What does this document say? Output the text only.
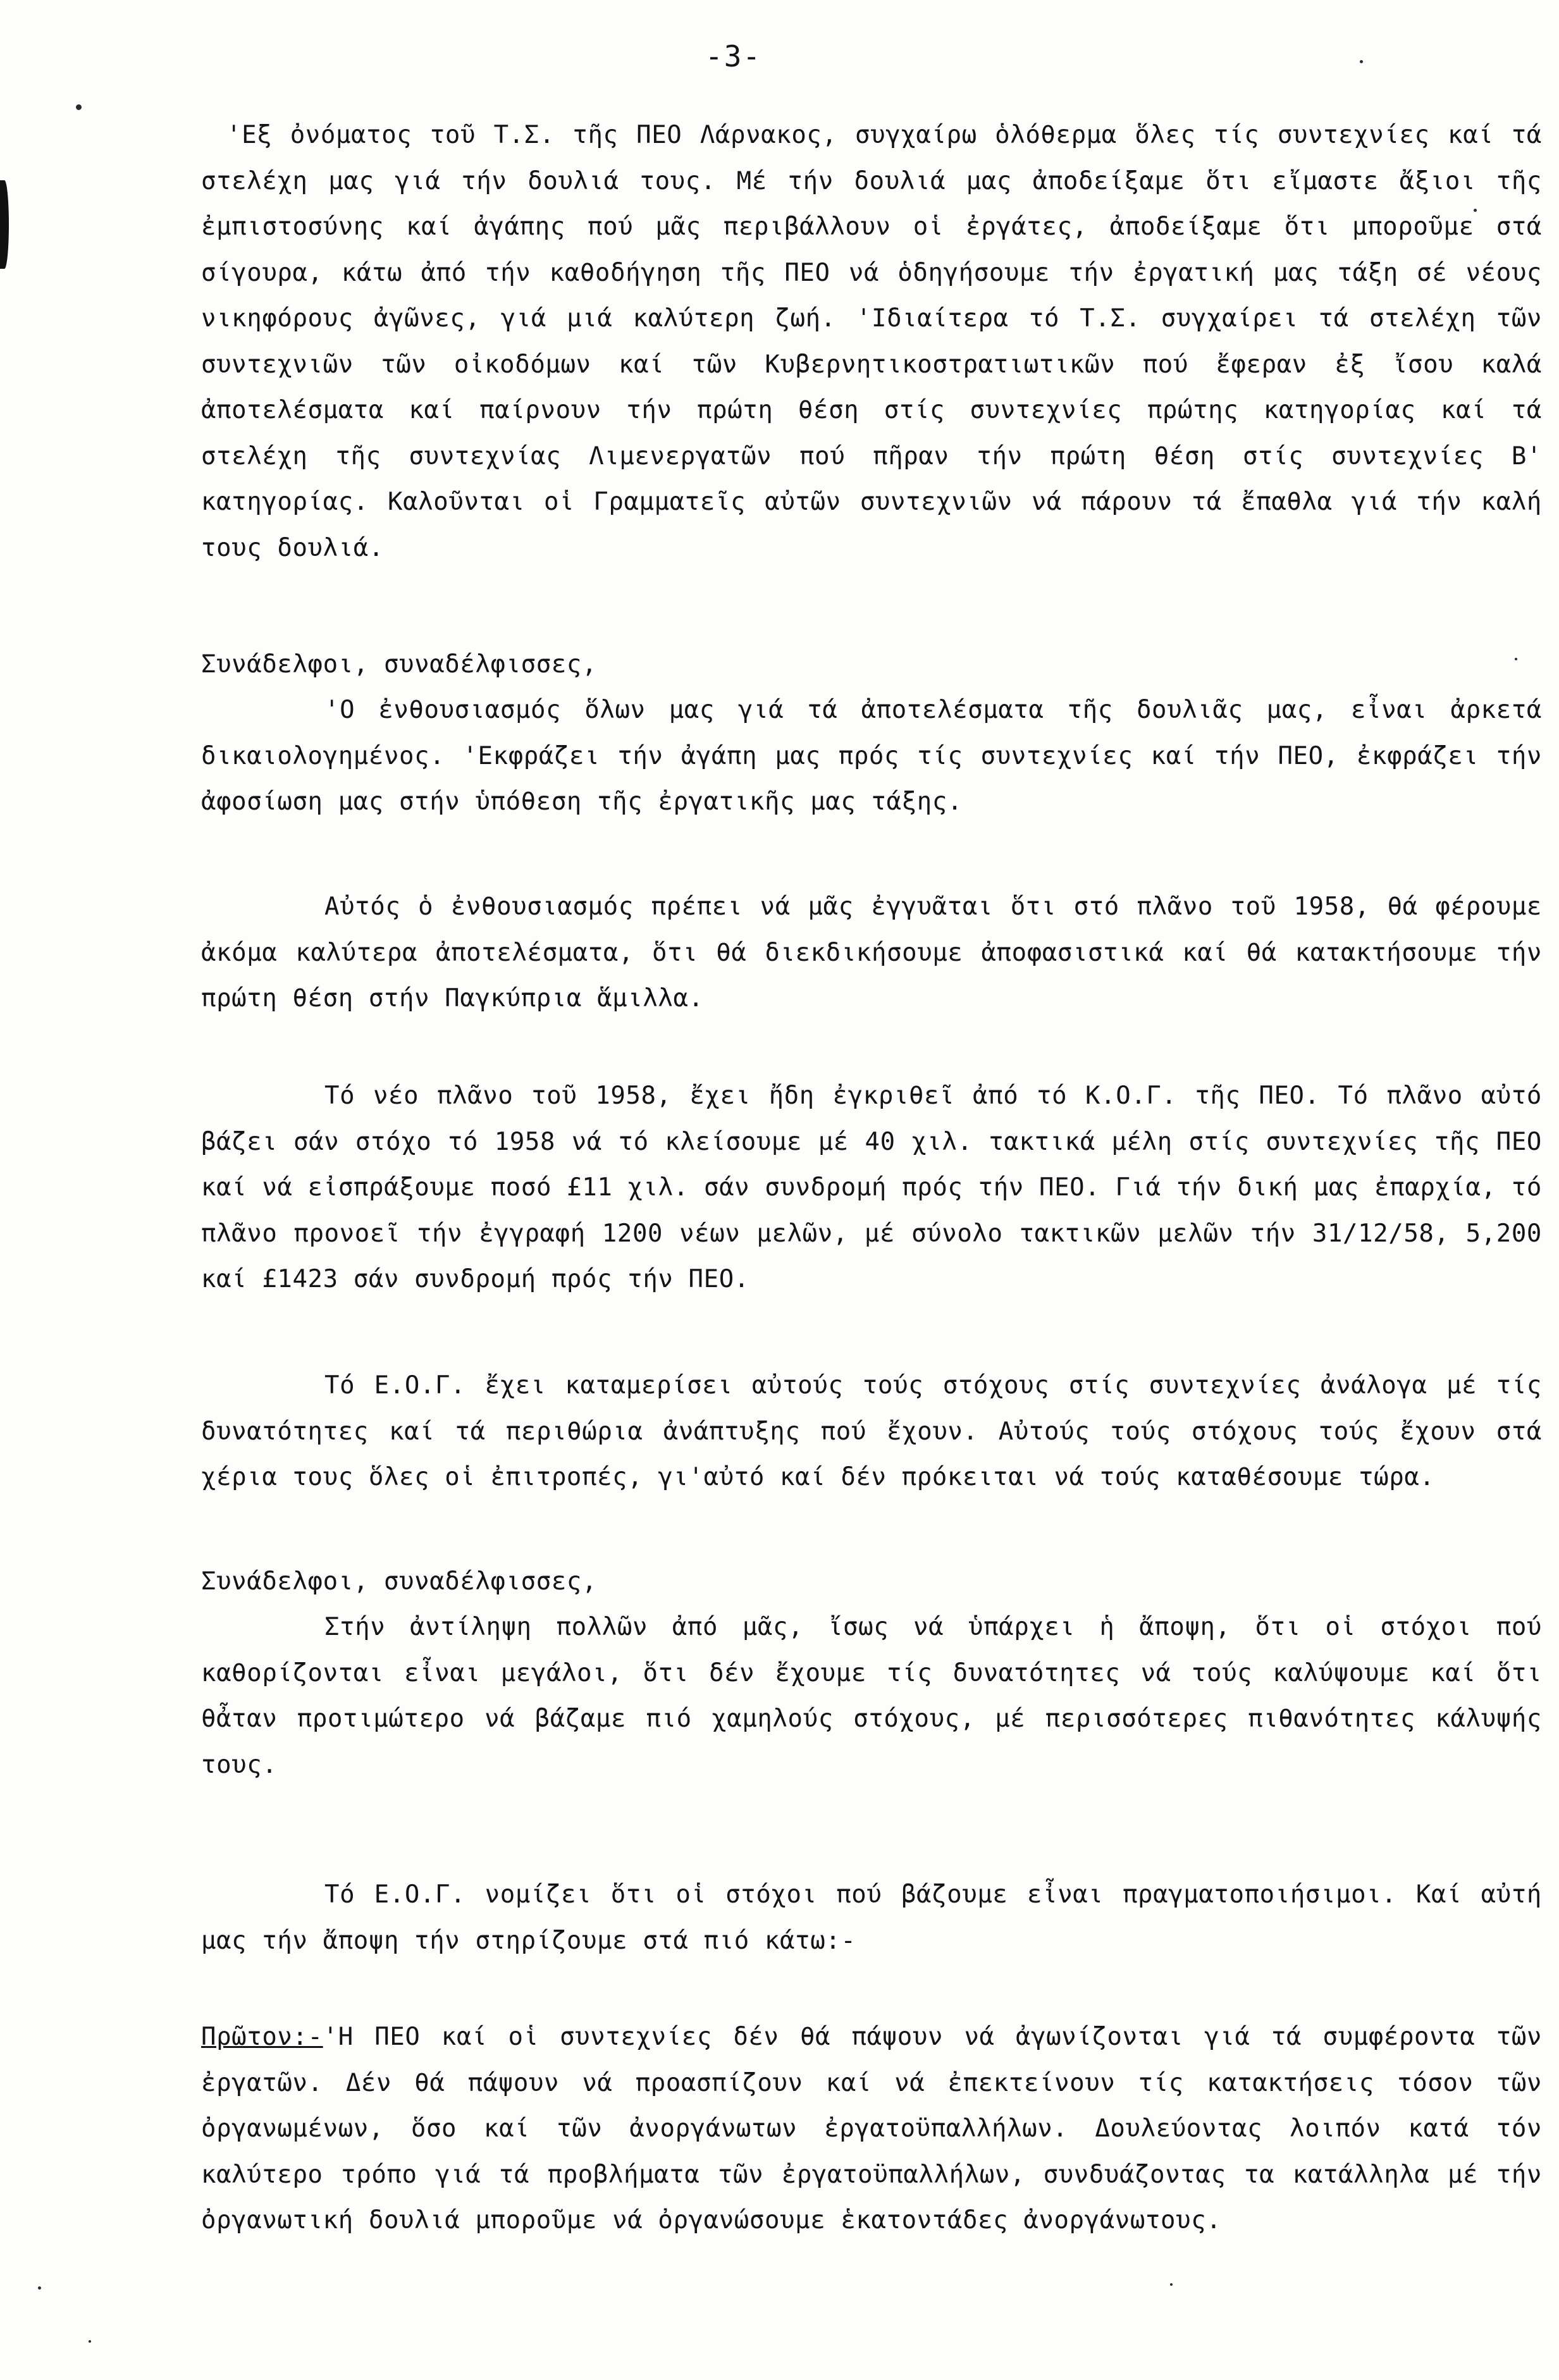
-3-

'Εξ ὀνόματος τοῦ Τ.Σ. τῆς ΠΕΟ Λάρνακος, συγχαίρω ὁλόθερμα ὅλες τίς συντεχνίες καί τά στελέχη μας γιά τήν δουλιά τους. Μέ τήν δουλιά μας ἀποδείξαμε ὅτι εἴμαστε ἄξιοι τῆς ἐμπιστοσύνης καί ἀγάπης πού μᾶς περιβάλλουν οἱ ἐργάτες, ἀποδείξαμε ὅτι μποροῦμε στά σίγουρα, κάτω ἀπό τήν καθοδήγηση τῆς ΠΕΟ νά ὁδηγήσουμε τήν ἐργατική μας τάξη σέ νέους νικηφόρους ἀγῶνες, γιά μιά καλύτερη ζωή. 'Ιδιαίτερα τό Τ.Σ. συγχαίρει τά στελέχη τῶν συντεχνιῶν τῶν οἰκοδόμων καί τῶν Κυβερνητικοστρατιωτικῶν πού ἔφεραν ἐξ ἴσου καλά ἀποτελέσματα καί παίρνουν τήν πρώτη θέση στίς συντεχνίες πρώτης κατηγορίας καί τά στελέχη τῆς συντεχνίας Λιμενεργατῶν πού πῆραν τήν πρώτη θέση στίς συντεχνίες Β' κατηγορίας. Καλοῦνται οἱ Γραμματεῖς αὐτῶν συντεχνιῶν νά πάρουν τά ἔπαθλα γιά τήν καλή τους δουλιά.

Συνάδελφοι, συναδέλφισσες,

'Ο ἐνθουσιασμός ὅλων μας γιά τά ἀποτελέσματα τῆς δουλιᾶς μας, εἶναι ἀρκετά δικαιολογημένος. 'Εκφράζει τήν ἀγάπη μας πρός τίς συντεχνίες καί τήν ΠΕΟ, ἐκφράζει τήν ἀφοσίωση μας στήν ὑπόθεση τῆς ἐργατικῆς μας τάξης.

Αὐτός ὁ ἐνθουσιασμός πρέπει νά μᾶς ἐγγυᾶται ὅτι στό πλᾶνο τοῦ 1958, θά φέρουμε ἀκόμα καλύτερα ἀποτελέσματα, ὅτι θά διεκδικήσουμε ἀποφασιστικά καί θά κατακτήσουμε τήν πρώτη θέση στήν Παγκύπρια ἅμιλλα.

Τό νέο πλᾶνο τοῦ 1958, ἔχει ἤδη ἐγκριθεῖ ἀπό τό Κ.Ο.Γ. τῆς ΠΕΟ. Τό πλᾶνο αὐτό βάζει σάν στόχο τό 1958 νά τό κλείσουμε μέ 40 χιλ. τακτικά μέλη στίς συντεχνίες τῆς ΠΕΟ καί νά εἰσπράξουμε ποσό £11 χιλ. σάν συνδρομή πρός τήν ΠΕΟ. Γιά τήν δική μας ἐπαρχία, τό πλᾶνο προνοεῖ τήν ἐγγραφή 1200 νέων μελῶν, μέ σύνολο τακτικῶν μελῶν τήν 31/12/58, 5,200 καί £1423 σάν συνδρομή πρός τήν ΠΕΟ.

Τό Ε.Ο.Γ. ἔχει καταμερίσει αὐτούς τούς στόχους στίς συντεχνίες ἀνάλογα μέ τίς δυνατότητες καί τά περιθώρια ἀνάπτυξης πού ἔχουν. Αὐτούς τούς στόχους τούς ἔχουν στά χέρια τους ὅλες οἱ ἐπιτροπές, γι'αὐτό καί δέν πρόκειται νά τούς καταθέσουμε τώρα.

Συνάδελφοι, συναδέλφισσες,

Στήν ἀντίληψη πολλῶν ἀπό μᾶς, ἴσως νά ὑπάρχει ἡ ἄποψη, ὅτι οἱ στόχοι πού καθορίζονται εἶναι μεγάλοι, ὅτι δέν ἔχουμε τίς δυνατότητες νά τούς καλύψουμε καί ὅτι θἆταν προτιμώτερο νά βάζαμε πιό χαμηλούς στόχους, μέ περισσότερες πιθανότητες κάλυψής τους.

Τό Ε.Ο.Γ. νομίζει ὅτι οἱ στόχοι πού βάζουμε εἶναι πραγματοποιήσιμοι. Καί αὐτή μας τήν ἄποψη τήν στηρίζουμε στά πιό κάτω:-

Πρῶτον:-'Η ΠΕΟ καί οἱ συντεχνίες δέν θά πάψουν νά ἀγωνίζονται γιά τά συμφέροντα τῶν ἐργατῶν. Δέν θά πάψουν νά προασπίζουν καί νά ἐπεκτείνουν τίς κατακτήσεις τόσον τῶν ὀργανωμένων, ὅσο καί τῶν ἀνοργάνωτων ἐργατοϋπαλλήλων. Δουλεύοντας λοιπόν κατά τόν καλύτερο τρόπο γιά τά προβλήματα τῶν ἐργατοϋπαλλήλων, συνδυάζοντας τα κατάλληλα μέ τήν ὀργανωτική δουλιά μποροῦμε νά ὀργανώσουμε ἑκατοντάδες ἀνοργάνωτους.
